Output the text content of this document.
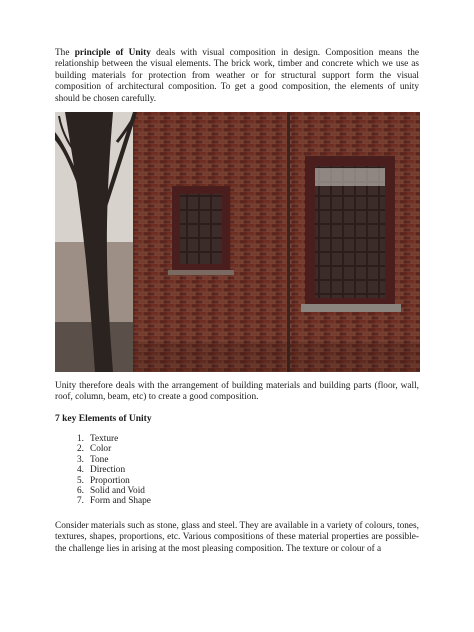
The principle of Unity deals with visual composition in design. Composition means the relationship between the visual elements. The brick work, timber and concrete which we use as building materials for protection from weather or for structural support form the visual composition of architectural composition. To get a good composition, the elements of unity should be chosen carefully.

Unity therefore deals with the arrangement of building materials and building parts (floor, wall, roof, column, beam, etc) to create a good composition.

7 key Elements of Unity

1. Texture
2. Color
3. Tone
4. Direction
5. Proportion
6. Solid and Void
7. Form and Shape

Consider materials such as stone, glass and steel. They are available in a variety of colours, tones, textures, shapes, proportions, etc. Various compositions of these material properties are possible-the challenge lies in arising at the most pleasing composition. The texture or colour of a
